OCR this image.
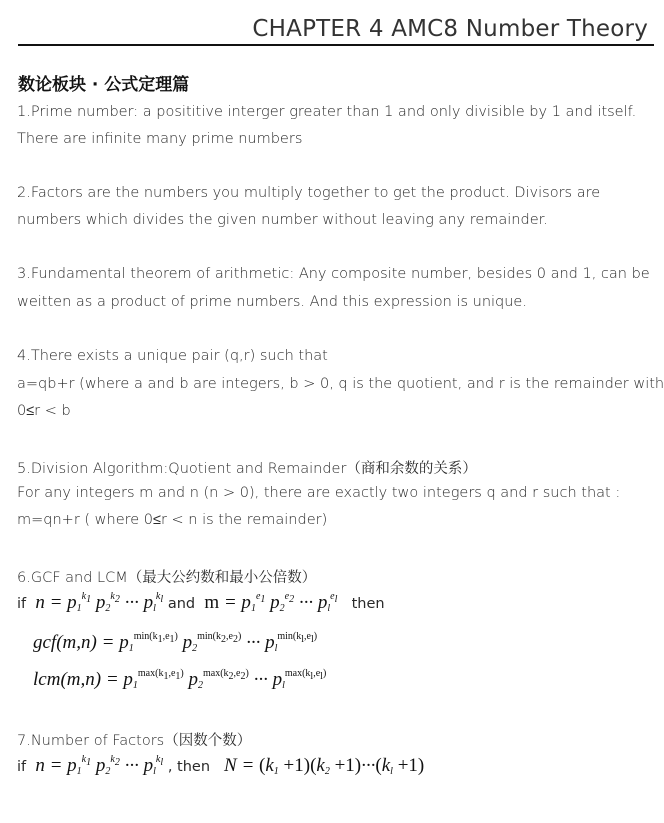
CHAPTER 4 AMC8 Number Theory
数论板块 · 公式定理篇
1.Prime number: a posititive interger greater than 1 and only divisible by 1 and itself.
There are infinite many prime numbers
2.Factors are the numbers you multiply together to get the product. Divisors are
numbers which divides the given number without leaving any remainder.
3.Fundamental theorem of arithmetic: Any composite number, besides 0 and 1, can be
weitten as a product of prime numbers. And this expression is unique.
4.There exists a unique pair (q,r) such that
a=qb+r (where a and b are integers, b > 0, q is the quotient, and r is the remainder with
0≤r < b
5.Division Algorithm:Quotient and Remainder（商和余数的关系）
For any integers m and n (n > 0), there are exactly two integers q and r such that :
m=qn+r ( where 0≤r < n is the remainder)
6.GCF and LCM（最大公约数和最小公倍数）
if  $n = p_1^{k_1}$ $p_2^{k_2}$ ··· $p_l^{k_l}$ and $m = p_1^{e_1}$ $p_2^{e_2}$ ··· $p_l^{e_l}$ then
$gcf(m,n) = p_1^{min(k_1,e_1)}$ $p_2^{min(k_2,e_2)}$ ··· $p_l^{min(k_l,e_l)}$
$lcm(m,n) = p_1^{max(k_1,e_1)}$ $p_2^{max(k_2,e_2)}$ ··· $p_l^{max(k_l,e_l)}$
7.Number of Factors（因数个数）
if  $n = p_1^{k_1}$ $p_2^{k_2}$ ··· $p_l^{k_l}$ , then   $N = (k_1 +1)(k_2 +1)\cdot\cdot\cdot(k_l +1)$
